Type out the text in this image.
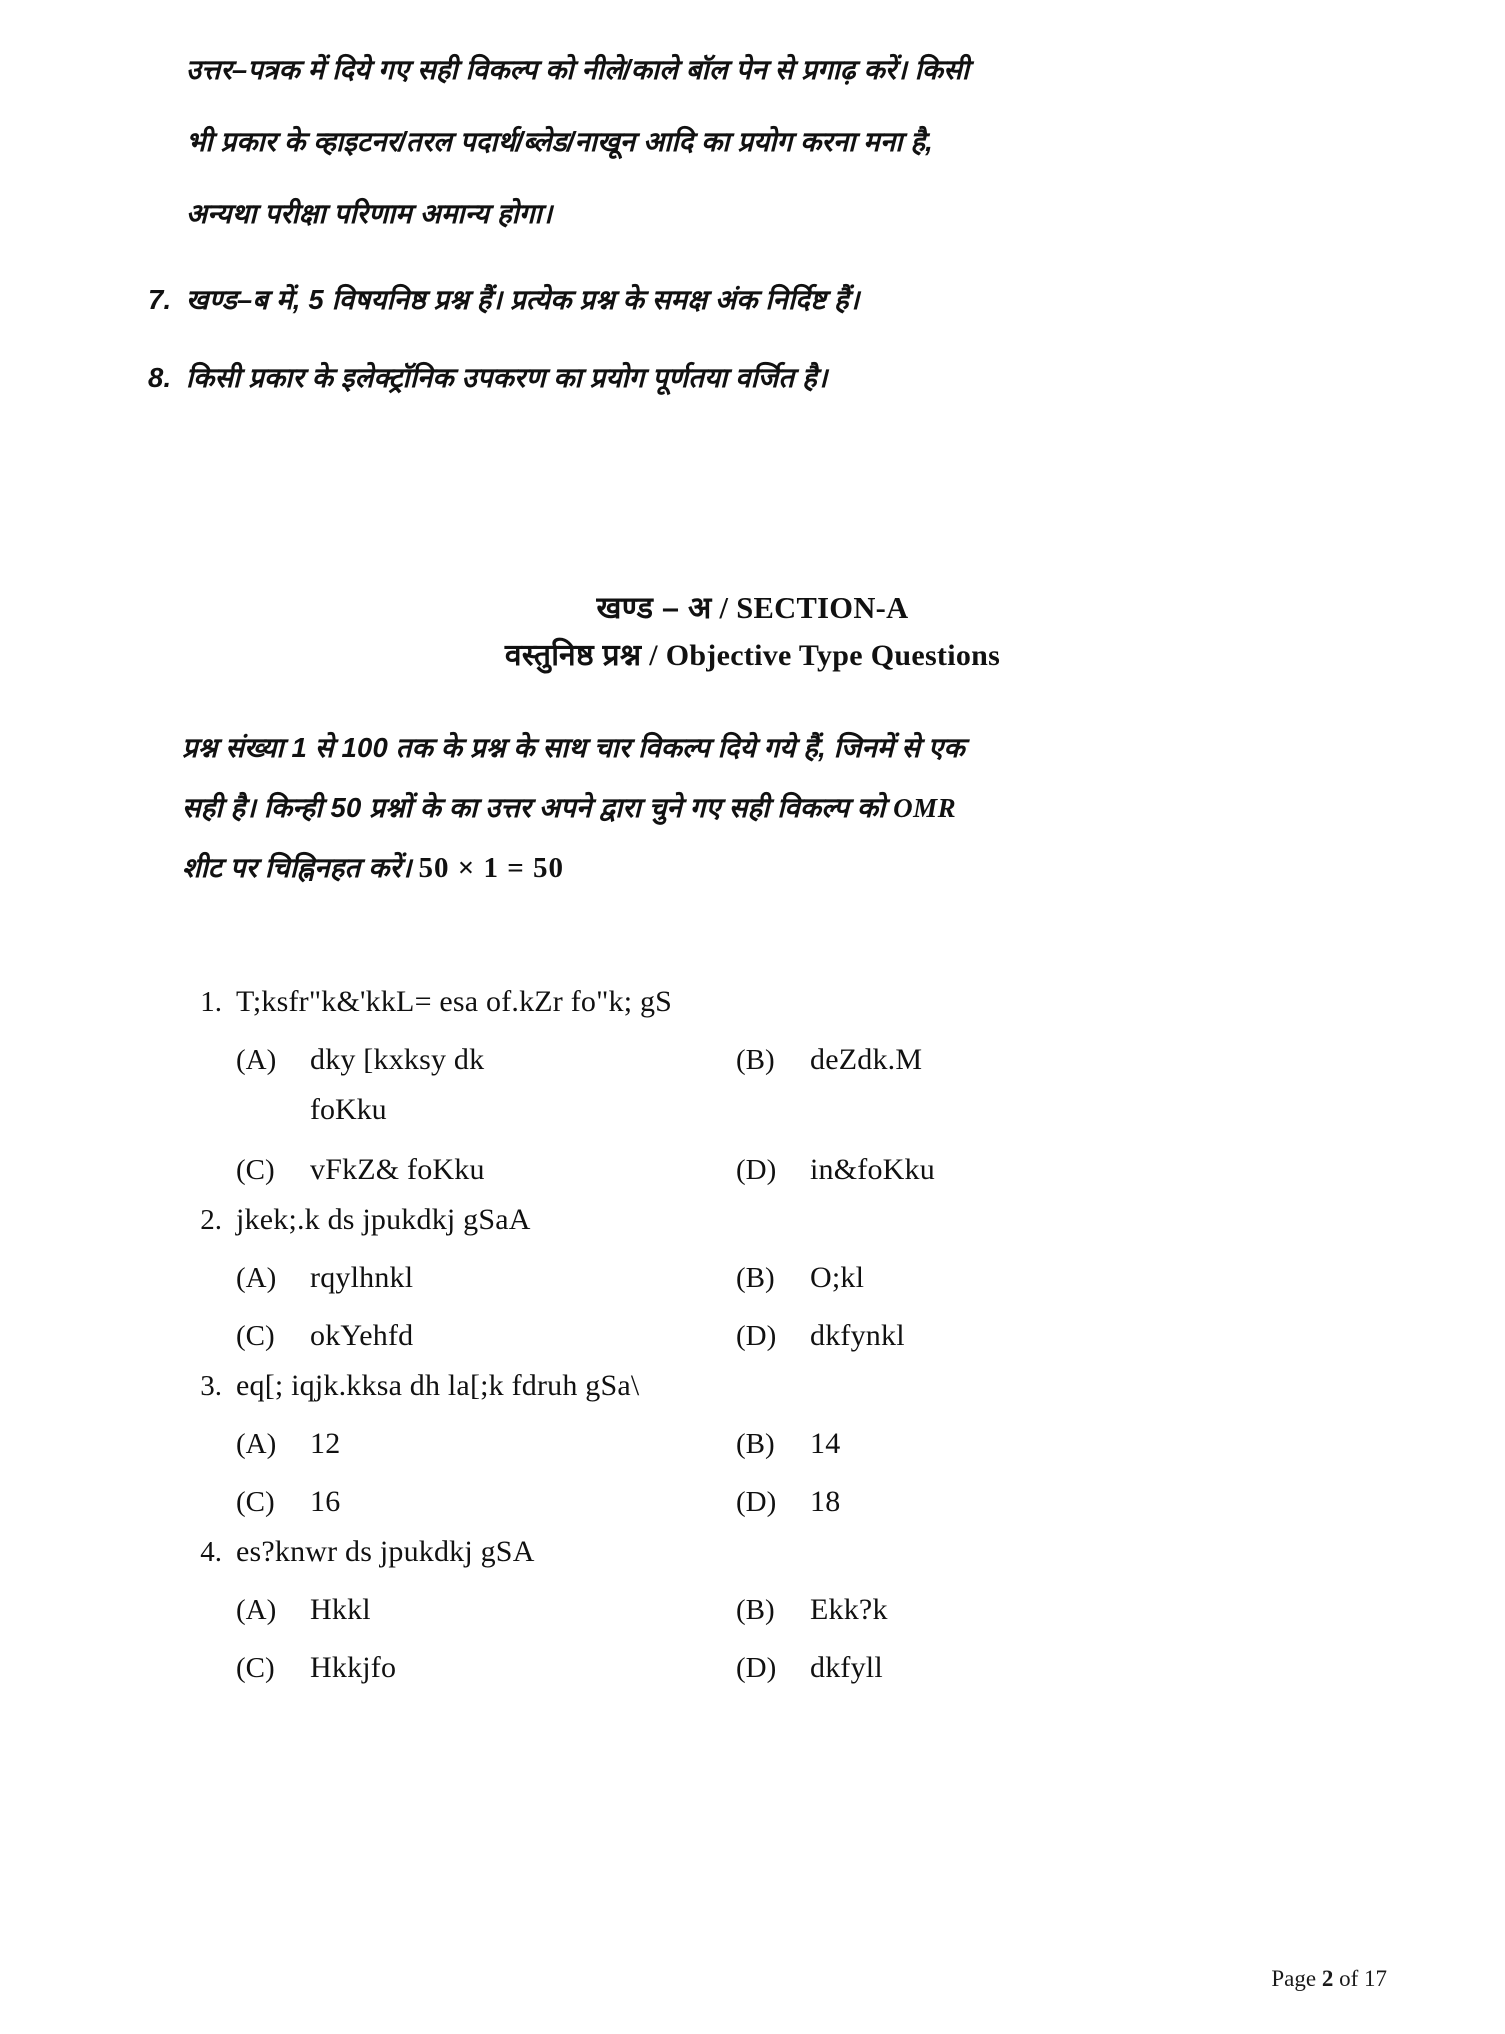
उत्तर–पत्रक में दिये गए सही विकल्प को नीले/काले बॉल पेन से प्रगाढ़ करें। किसी
भी प्रकार के व्हाइटनर/तरल पदार्थ/ब्लेड/नाखून आदि का प्रयोग करना मना है,
अन्यथा परीक्षा परिणाम अमान्य होगा।
7. खण्ड–ब में, 5 विषयनिष्ठ प्रश्न हैं। प्रत्येक प्रश्न के समक्ष अंक निर्दिष्ट हैं।
8. किसी प्रकार के इलेक्ट्रॉनिक उपकरण का प्रयोग पूर्णतया वर्जित है।
खण्ड – अ / SECTION-A
वस्तुनिष्ठ प्रश्न / Objective Type Questions
प्रश्न संख्या 1 से 100 तक के प्रश्न के साथ चार विकल्प दिये गये हैं, जिनमें से एक
सही है। किन्ही 50 प्रश्नों के का उत्तर अपने द्वारा चुने गए सही विकल्प को OMR
शीट पर चिह्निनहत करें। 50 × 1 = 50
1. T;ksfr"k&'kkL= esa of.kZr fo"k; gS
(A)	dky [kxksy dk	(B)	deZdk.M
foKku
(C)	vFkZ& foKku	(D)	in&foKku
2. jkek;.k ds jpukdkj gSaA
(A)	rqylhnkl	(B)	O;kl
(C)	okYehfd	(D)	dkfynkl
3. eq[; iqjk.kksa dh la[;k fdruh gSa\
(A)	12	(B)	14
(C)	16	(D)	18
4. es?knwr ds jpukdkj gSA
(A)	Hkkl	(B)	Ekk?k
(C)	Hkkjfo	(D)	dkfyll
Page 2 of 17
